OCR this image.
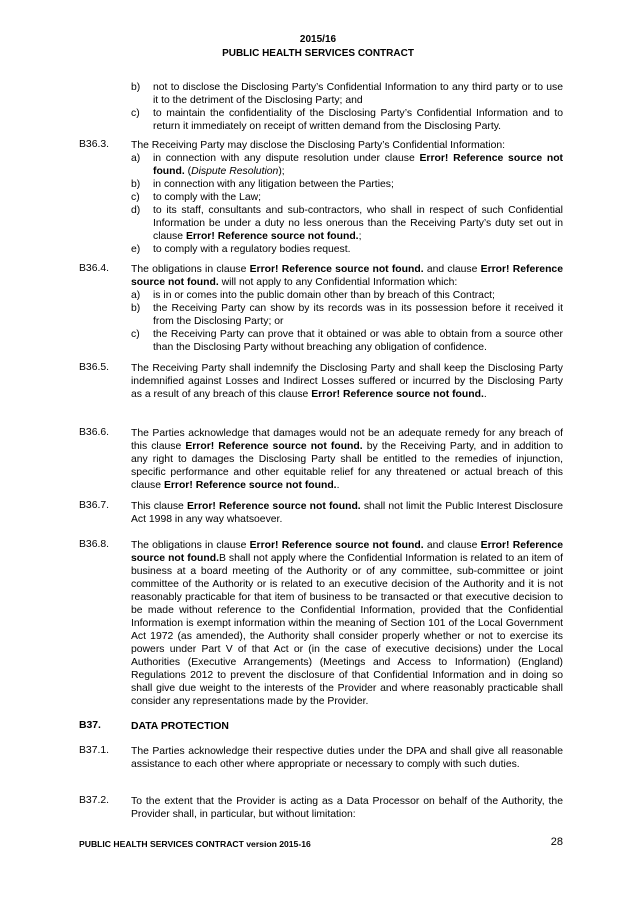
2015/16
PUBLIC HEALTH SERVICES CONTRACT
b) not to disclose the Disclosing Party’s Confidential Information to any third party or to use it to the detriment of the Disclosing Party; and
c) to maintain the confidentiality of the Disclosing Party’s Confidential Information and to return it immediately on receipt of written demand from the Disclosing Party.
B36.3. The Receiving Party may disclose the Disclosing Party’s Confidential Information:
a) in connection with any dispute resolution under clause Error! Reference source not found. (Dispute Resolution);
b) in connection with any litigation between the Parties;
c) to comply with the Law;
d) to its staff, consultants and sub-contractors, who shall in respect of such Confidential Information be under a duty no less onerous than the Receiving Party’s duty set out in clause Error! Reference source not found.;
e) to comply with a regulatory bodies request.
B36.4. The obligations in clause Error! Reference source not found. and clause Error! Reference source not found. will not apply to any Confidential Information which:
a) is in or comes into the public domain other than by breach of this Contract;
b) the Receiving Party can show by its records was in its possession before it received it from the Disclosing Party; or
c) the Receiving Party can prove that it obtained or was able to obtain from a source other than the Disclosing Party without breaching any obligation of confidence.
B36.5. The Receiving Party shall indemnify the Disclosing Party and shall keep the Disclosing Party indemnified against Losses and Indirect Losses suffered or incurred by the Disclosing Party as a result of any breach of this clause Error! Reference source not found..
B36.6. The Parties acknowledge that damages would not be an adequate remedy for any breach of this clause Error! Reference source not found. by the Receiving Party, and in addition to any right to damages the Disclosing Party shall be entitled to the remedies of injunction, specific performance and other equitable relief for any threatened or actual breach of this clause Error! Reference source not found..
B36.7. This clause Error! Reference source not found. shall not limit the Public Interest Disclosure Act 1998 in any way whatsoever.
B36.8. The obligations in clause Error! Reference source not found. and clause Error! Reference source not found.B shall not apply where the Confidential Information is related to an item of business at a board meeting of the Authority or of any committee, sub-committee or joint committee of the Authority or is related to an executive decision of the Authority and it is not reasonably practicable for that item of business to be transacted or that executive decision to be made without reference to the Confidential Information, provided that the Confidential Information is exempt information within the meaning of Section 101 of the Local Government Act 1972 (as amended), the Authority shall consider properly whether or not to exercise its powers under Part V of that Act or (in the case of executive decisions) under the Local Authorities (Executive Arrangements) (Meetings and Access to Information) (England) Regulations 2012 to prevent the disclosure of that Confidential Information and in doing so shall give due weight to the interests of the Provider and where reasonably practicable shall consider any representations made by the Provider.
B37.	DATA PROTECTION
B37.1. The Parties acknowledge their respective duties under the DPA and shall give all reasonable assistance to each other where appropriate or necessary to comply with such duties.
B37.2. To the extent that the Provider is acting as a Data Processor on behalf of the Authority, the Provider shall, in particular, but without limitation:
PUBLIC HEALTH SERVICES CONTRACT version 2015-16	28
